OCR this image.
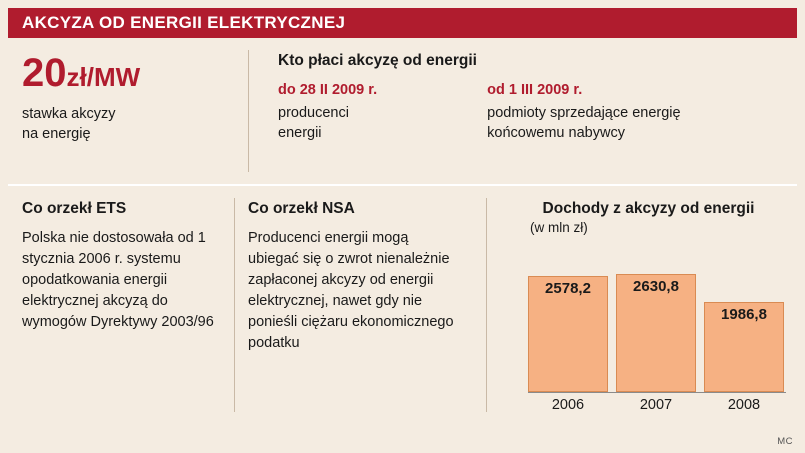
AKCYZA OD ENERGII ELEKTRYCZNEJ
20zł/MW
stawka akcyzy
na energię
Kto płaci akcyzę od energii
do 28 II 2009 r.
producenci
energii
od 1 III 2009 r.
podmioty sprzedające energię
końcowemu nabywcy
Co orzekł ETS
Polska nie dostosowała od 1 stycznia 2006 r. systemu opodatkowania energii elektrycznej akcyzą do wymogów Dyrektywy 2003/96
Co orzekł NSA
Producenci energii mogą ubiegać się o zwrot nienależnie zapłaconej akcyzy od energii elektrycznej, nawet gdy nie ponieśli ciężaru ekonomicznego podatku
Dochody z akcyzy od energii
(w mln zł)
2578,2	2630,8
1986,8
2006	2007	2008
MC
